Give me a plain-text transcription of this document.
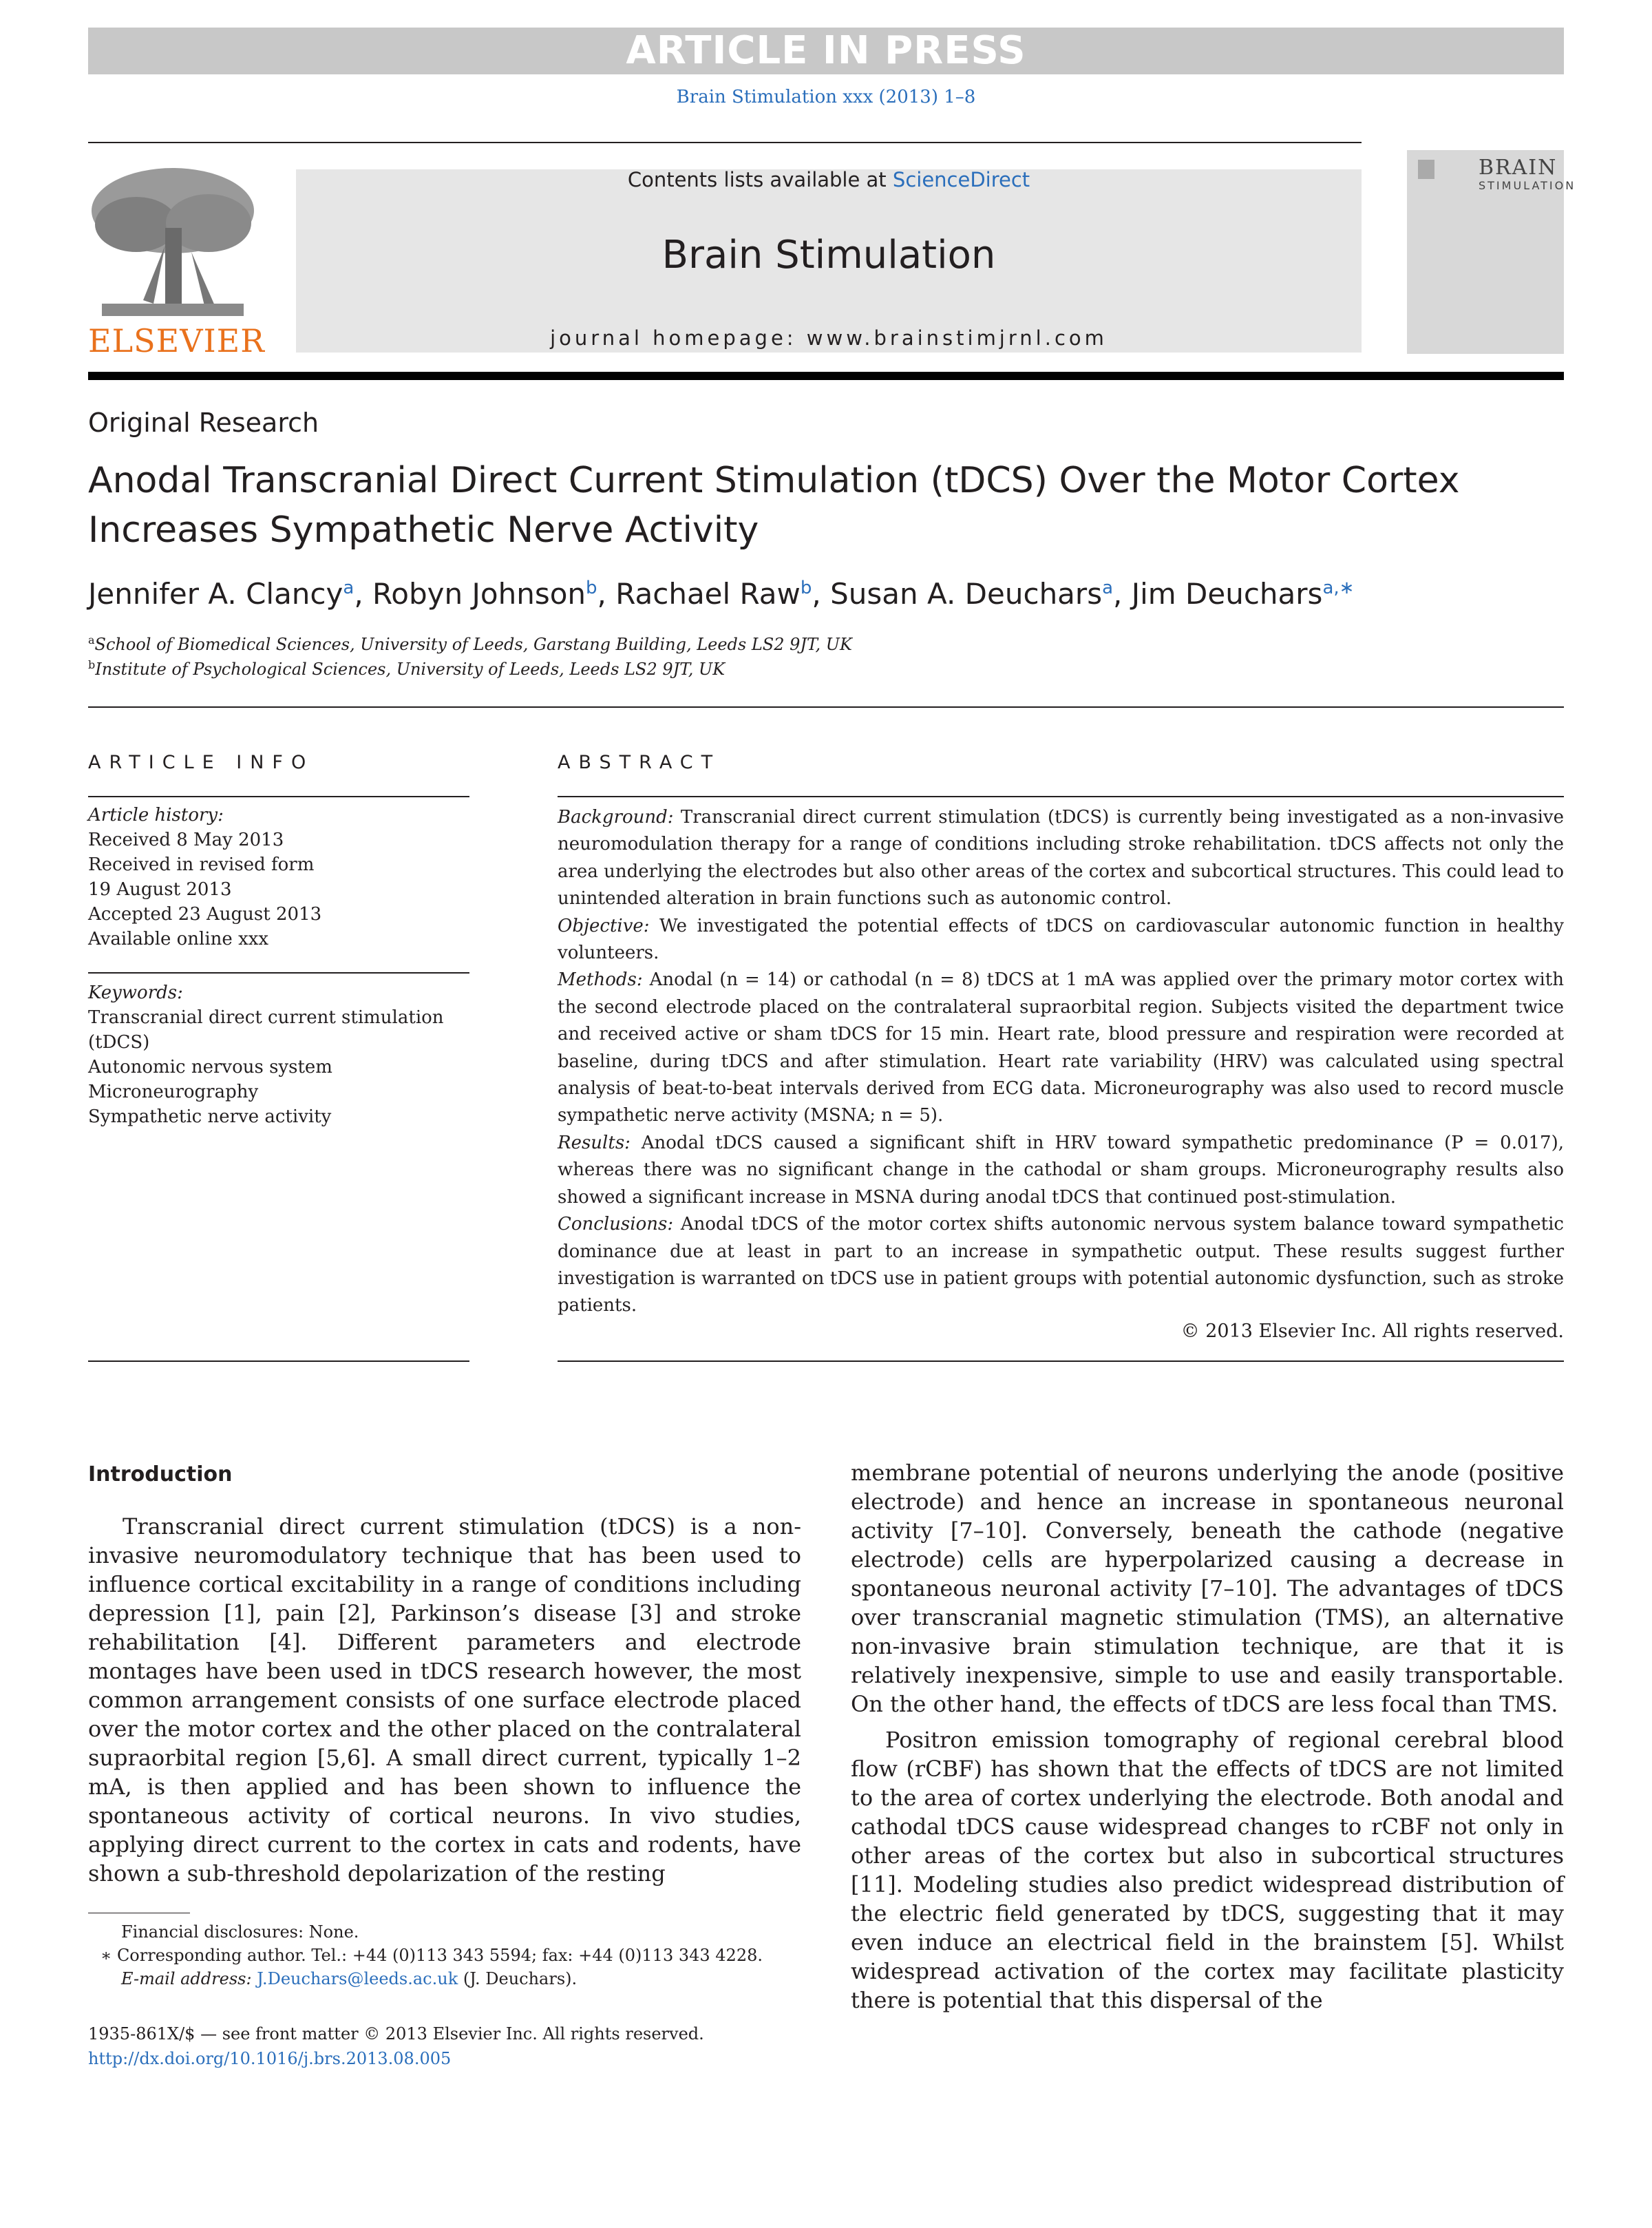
ARTICLE IN PRESS
Brain Stimulation xxx (2013) 1–8
ELSEVIER
Contents lists available at ScienceDirect
Brain Stimulation
journal homepage: www.brainstimjrnl.com
BRAIN
STIMULATION
Original Research
Anodal Transcranial Direct Current Stimulation (tDCS) Over the Motor Cortex
Increases Sympathetic Nerve Activity
Jennifer A. Clancy$^a$, Robyn Johnson$^b$, Rachael Raw$^b$, Susan A. Deuchars$^a$, Jim Deuchars$^{a,∗}$
$^a$School of Biomedical Sciences, University of Leeds, Garstang Building, Leeds LS2 9JT, UK
$^b$Institute of Psychological Sciences, University of Leeds, Leeds LS2 9JT, UK
ARTICLE INFO
Article history:
Received 8 May 2013
Received in revised form
19 August 2013
Accepted 23 August 2013
Available online xxx
Keywords:
Transcranial direct current stimulation
(tDCS)
Autonomic nervous system
Microneurography
Sympathetic nerve activity
ABSTRACT
Background: Transcranial direct current stimulation (tDCS) is currently being investigated as a non-invasive neuromodulation therapy for a range of conditions including stroke rehabilitation. tDCS affects not only the area underlying the electrodes but also other areas of the cortex and subcortical structures. This could lead to unintended alteration in brain functions such as autonomic control.
Objective: We investigated the potential effects of tDCS on cardiovascular autonomic function in healthy volunteers.
Methods: Anodal (n = 14) or cathodal (n = 8) tDCS at 1 mA was applied over the primary motor cortex with the second electrode placed on the contralateral supraorbital region. Subjects visited the department twice and received active or sham tDCS for 15 min. Heart rate, blood pressure and respiration were recorded at baseline, during tDCS and after stimulation. Heart rate variability (HRV) was calculated using spectral analysis of beat-to-beat intervals derived from ECG data. Microneurography was also used to record muscle sympathetic nerve activity (MSNA; n = 5).
Results: Anodal tDCS caused a significant shift in HRV toward sympathetic predominance (P = 0.017), whereas there was no significant change in the cathodal or sham groups. Microneurography results also showed a significant increase in MSNA during anodal tDCS that continued post-stimulation.
Conclusions: Anodal tDCS of the motor cortex shifts autonomic nervous system balance toward sympathetic dominance due at least in part to an increase in sympathetic output. These results suggest further investigation is warranted on tDCS use in patient groups with potential autonomic dysfunction, such as stroke patients.
© 2013 Elsevier Inc. All rights reserved.
Introduction

Transcranial direct current stimulation (tDCS) is a non-invasive neuromodulatory technique that has been used to influence cortical excitability in a range of conditions including depression [1], pain [2], Parkinson’s disease [3] and stroke rehabilitation [4]. Different parameters and electrode montages have been used in tDCS research however, the most common arrangement consists of one surface electrode placed over the motor cortex and the other placed on the contralateral supraorbital region [5,6]. A small direct current, typically 1–2 mA, is then applied and has been shown to influence the spontaneous activity of cortical neurons. In vivo studies, applying direct current to the cortex in cats and rodents, have shown a sub-threshold depolarization of the resting

membrane potential of neurons underlying the anode (positive electrode) and hence an increase in spontaneous neuronal activity [7–10]. Conversely, beneath the cathode (negative electrode) cells are hyperpolarized causing a decrease in spontaneous neuronal activity [7–10]. The advantages of tDCS over transcranial magnetic stimulation (TMS), an alternative non-invasive brain stimulation technique, are that it is relatively inexpensive, simple to use and easily transportable. On the other hand, the effects of tDCS are less focal than TMS.

Positron emission tomography of regional cerebral blood flow (rCBF) has shown that the effects of tDCS are not limited to the area of cortex underlying the electrode. Both anodal and cathodal tDCS cause widespread changes to rCBF not only in other areas of the cortex but also in subcortical structures [11]. Modeling studies also predict widespread distribution of the electric field generated by tDCS, suggesting that it may even induce an electrical field in the brainstem [5]. Whilst widespread activation of the cortex may facilitate plasticity there is potential that this dispersal of the

Financial disclosures: None.
∗ Corresponding author. Tel.: +44 (0)113 343 5594; fax: +44 (0)113 343 4228.
E-mail address: J.Deuchars@leeds.ac.uk (J. Deuchars).
1935-861X/$ — see front matter © 2013 Elsevier Inc. All rights reserved.
http://dx.doi.org/10.1016/j.brs.2013.08.005
